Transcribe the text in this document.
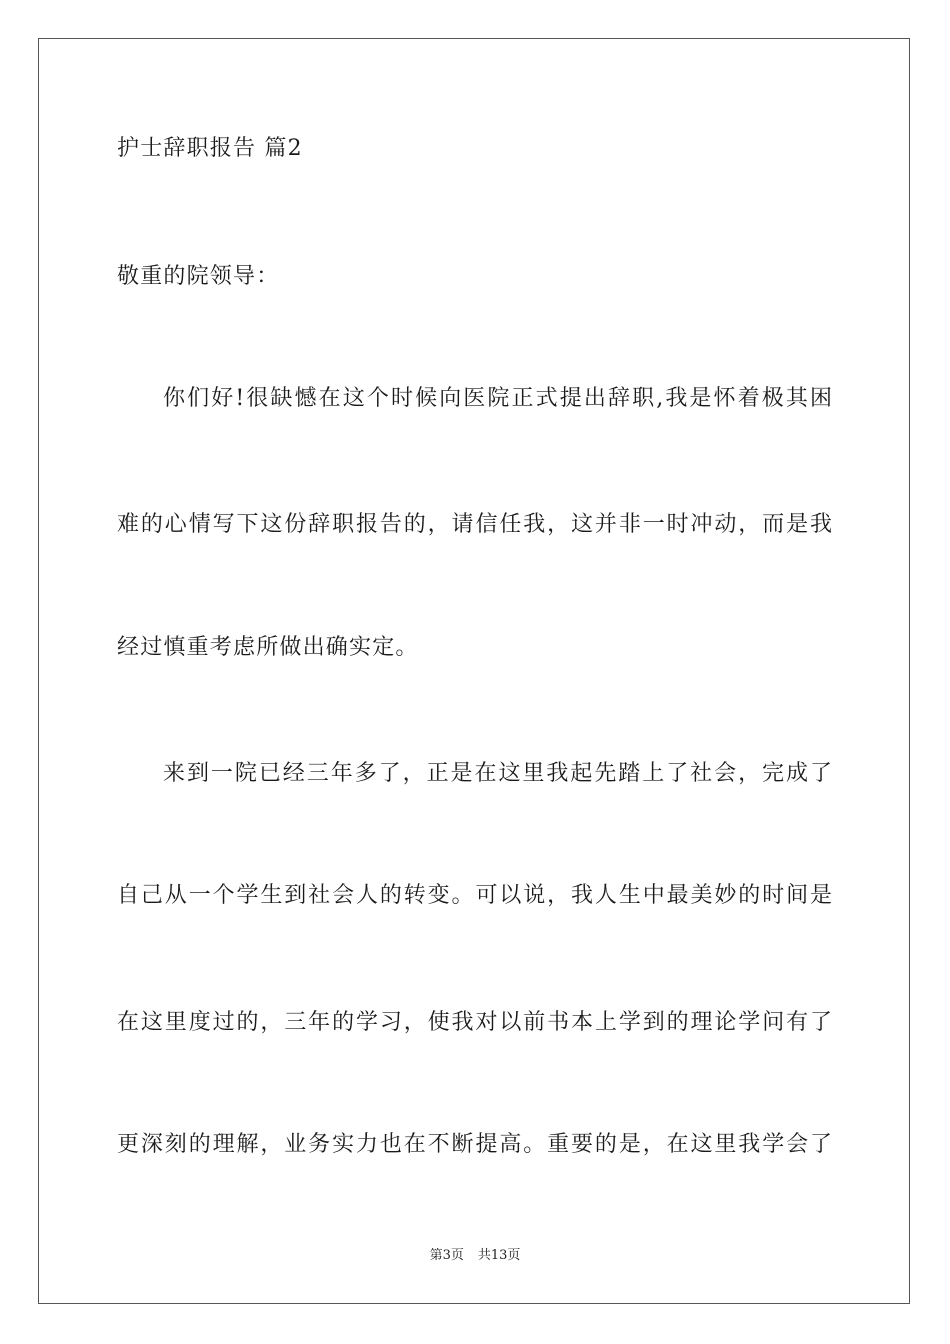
护士辞职报告 篇2
敬重的院领导：
你们好!很缺憾在这个时候向医院正式提出辞职,我是怀着极其困
难的心情写下这份辞职报告的，请信任我，这并非一时冲动，而是我
经过慎重考虑所做出确实定。
来到一院已经三年多了，正是在这里我起先踏上了社会，完成了
自己从一个学生到社会人的转变。可以说，我人生中最美妙的时间是
在这里度过的，三年的学习，使我对以前书本上学到的理论学问有了
更深刻的理解，业务实力也在不断提高。重要的是，在这里我学会了
第3页 共13页
